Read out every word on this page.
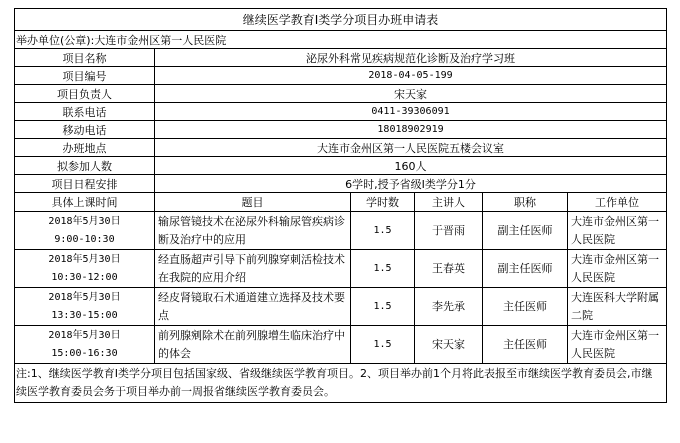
继续医学教育I类学分项目办班申请表					
举办单位(公章):大连市金州区第一人民医院					
项目名称	泌尿外科常见疾病规范化诊断及治疗学习班				
项目编号	2018-04-05-199				
项目负责人	宋天家				
联系电话	0411-39306091				
移动电话	18018902919				
办班地点	大连市金州区第一人民医院五楼会议室				
拟参加人数	160人				
项目日程安排	6学时,授予省级I类学分1分				
具体上课时间	题目	学时数	主讲人	职称	工作单位

2018年5月30日
9:00-10:30	输尿管镜技术在泌尿外科输尿管疾病诊断及治疗中的应用	1.5	于晋雨	副主任医师	大连市金州区第一人民医院

2018年5月30日
10:30-12:00	经直肠超声引导下前列腺穿刺活检技术在我院的应用介绍	1.5	王春英	副主任医师	大连市金州区第一人民医院

2018年5月30日
13:30-15:00	经皮肾镜取石术通道建立选择及技术要点	1.5	李先承	主任医师	大连医科大学附属二院

2018年5月30日
15:00-16:30	前列腺剜除术在前列腺增生临床治疗中的体会	1.5	宋天家	主任医师	大连市金州区第一人民医院
注:1、继续医学教育I类学分项目包括国家级、省级继续医学教育项目。2、项目举办前1个月将此表报至市继续医学教育委员会,市继续医学教育委员会务于项目举办前一周报省继续医学教育委员会。					
